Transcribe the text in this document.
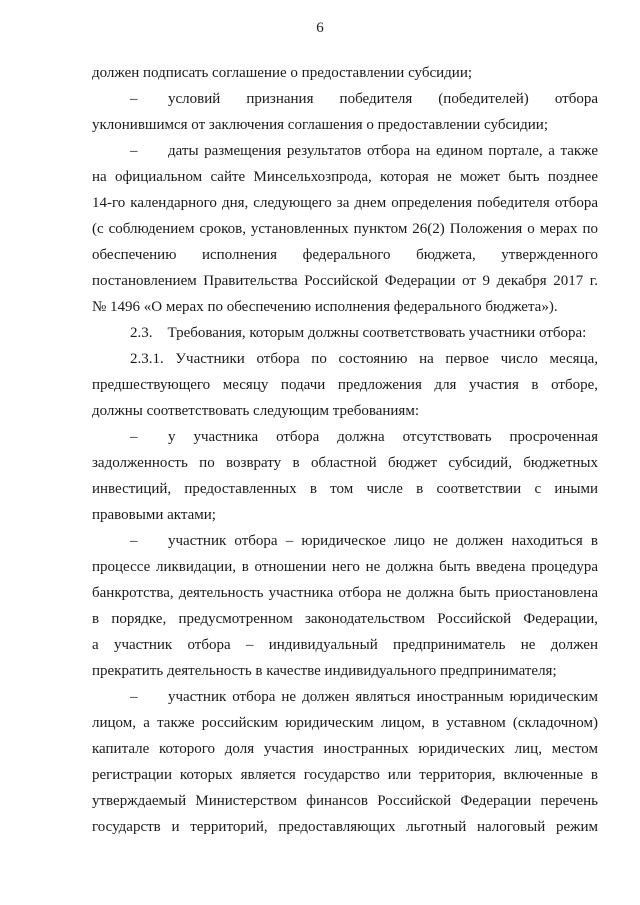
6
должен подписать соглашение о предоставлении субсидии;
– условий признания победителя (победителей) отбора
уклонившимся от заключения соглашения о предоставлении субсидии;
– даты размещения результатов отбора на едином портале, а также
на официальном сайте Минсельхозпрода, которая не может быть позднее
14-го календарного дня, следующего за днем определения победителя отбора
(с соблюдением сроков, установленных пунктом 26(2) Положения о мерах по
обеспечению исполнения федерального бюджета, утвержденного
постановлением Правительства Российской Федерации от 9 декабря 2017 г.
№ 1496 «О мерах по обеспечению исполнения федерального бюджета»).
2.3.    Требования, которым должны соответствовать участники отбора:
2.3.1. Участники отбора по состоянию на первое число месяца,
предшествующего месяцу подачи предложения для участия в отборе,
должны соответствовать следующим требованиям:
– у участника отбора должна отсутствовать просроченная
задолженность по возврату в областной бюджет субсидий, бюджетных
инвестиций, предоставленных в том числе в соответствии с иными
правовыми актами;
– участник отбора – юридическое лицо не должен находиться в
процессе ликвидации, в отношении него не должна быть введена процедура
банкротства, деятельность участника отбора не должна быть приостановлена
в порядке, предусмотренном законодательством Российской Федерации,
а участник отбора – индивидуальный предприниматель не должен
прекратить деятельность в качестве индивидуального предпринимателя;
– участник отбора не должен являться иностранным юридическим
лицом, а также российским юридическим лицом, в уставном (складочном)
капитале которого доля участия иностранных юридических лиц, местом
регистрации которых является государство или территория, включенные в
утверждаемый Министерством финансов Российской Федерации перечень
государств и территорий, предоставляющих льготный налоговый режим
